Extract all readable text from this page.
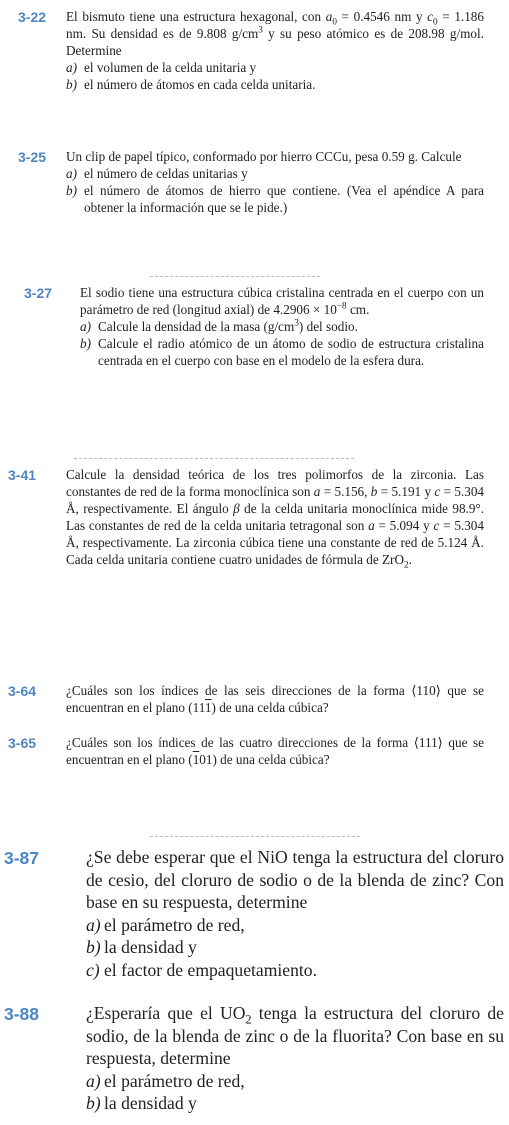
3-22 El bismuto tiene una estructura hexagonal, con $a_0 = 0.4546$ nm y $c_0 = 1.186$ nm. Su densidad es de 9.808 $g/cm^3$ y su peso atómico es de 208.98 g/mol. Determine

a) el volumen de la celda unitaria y

b) el número de átomos en cada celda unitaria.

3-25 Un clip de papel típico, conformado por hierro CCCu, pesa 0.59 g. Calcule

a) el número de celdas unitarias y

b) el número de átomos de hierro que contiene. (Vea el apéndice A para obtener la información que se le pide.)

3-27 El sodio tiene una estructura cúbica cristalina centrada en el cuerpo con un parámetro de red (longitud axial) de $4.2906 \times 10^{-8}$ cm.

a) Calcule la densidad de la masa $(g/cm^3)$ del sodio.

b) Calcule el radio atómico de un átomo de sodio de estructura cristalina centrada en el cuerpo con base en el modelo de la esfera dura.

3-41 Calcule la densidad teórica de los tres polimorfos de la zirconia. Las constantes de red de la forma monoclínica son a = 5.156, b = 5.191 y c = 5.304 Å, respectivamente. El ángulo β de la celda unitaria monoclínica mide 98.9°. Las constantes de red de la celda unitaria tetragonal son a = 5.094 y c = 5.304 Å, respectivamente. La zirconia cúbica tiene una constante de red de 5.124 Å. Cada celda unitaria contiene cuatro unidades de fórmula de ZrO$_2$.

3-64 ¿Cuáles son los índices de las seis direcciones de la forma ⟨110⟩ que se encuentran en el plano (111) de una celda cúbica?

3-65 ¿Cuáles son los índices de las cuatro direcciones de la forma ⟨111⟩ que se encuentran en el plano (101) de una celda cúbica?

3-87	¿Se debe esperar que el NiO tenga la estructura del cloruro de cesio, del cloruro de sodio o de la blenda de zinc? Con base en su respuesta, determine

a) el parámetro de red,

b) la densidad y

c) el factor de empaquetamiento.

3-88	¿Esperaría que el $UO_2$ tenga la estructura del cloruro de sodio, de la blenda de zinc o de la fluorita? Con base en su respuesta, determine

a) el parámetro de red,

b) la densidad y
